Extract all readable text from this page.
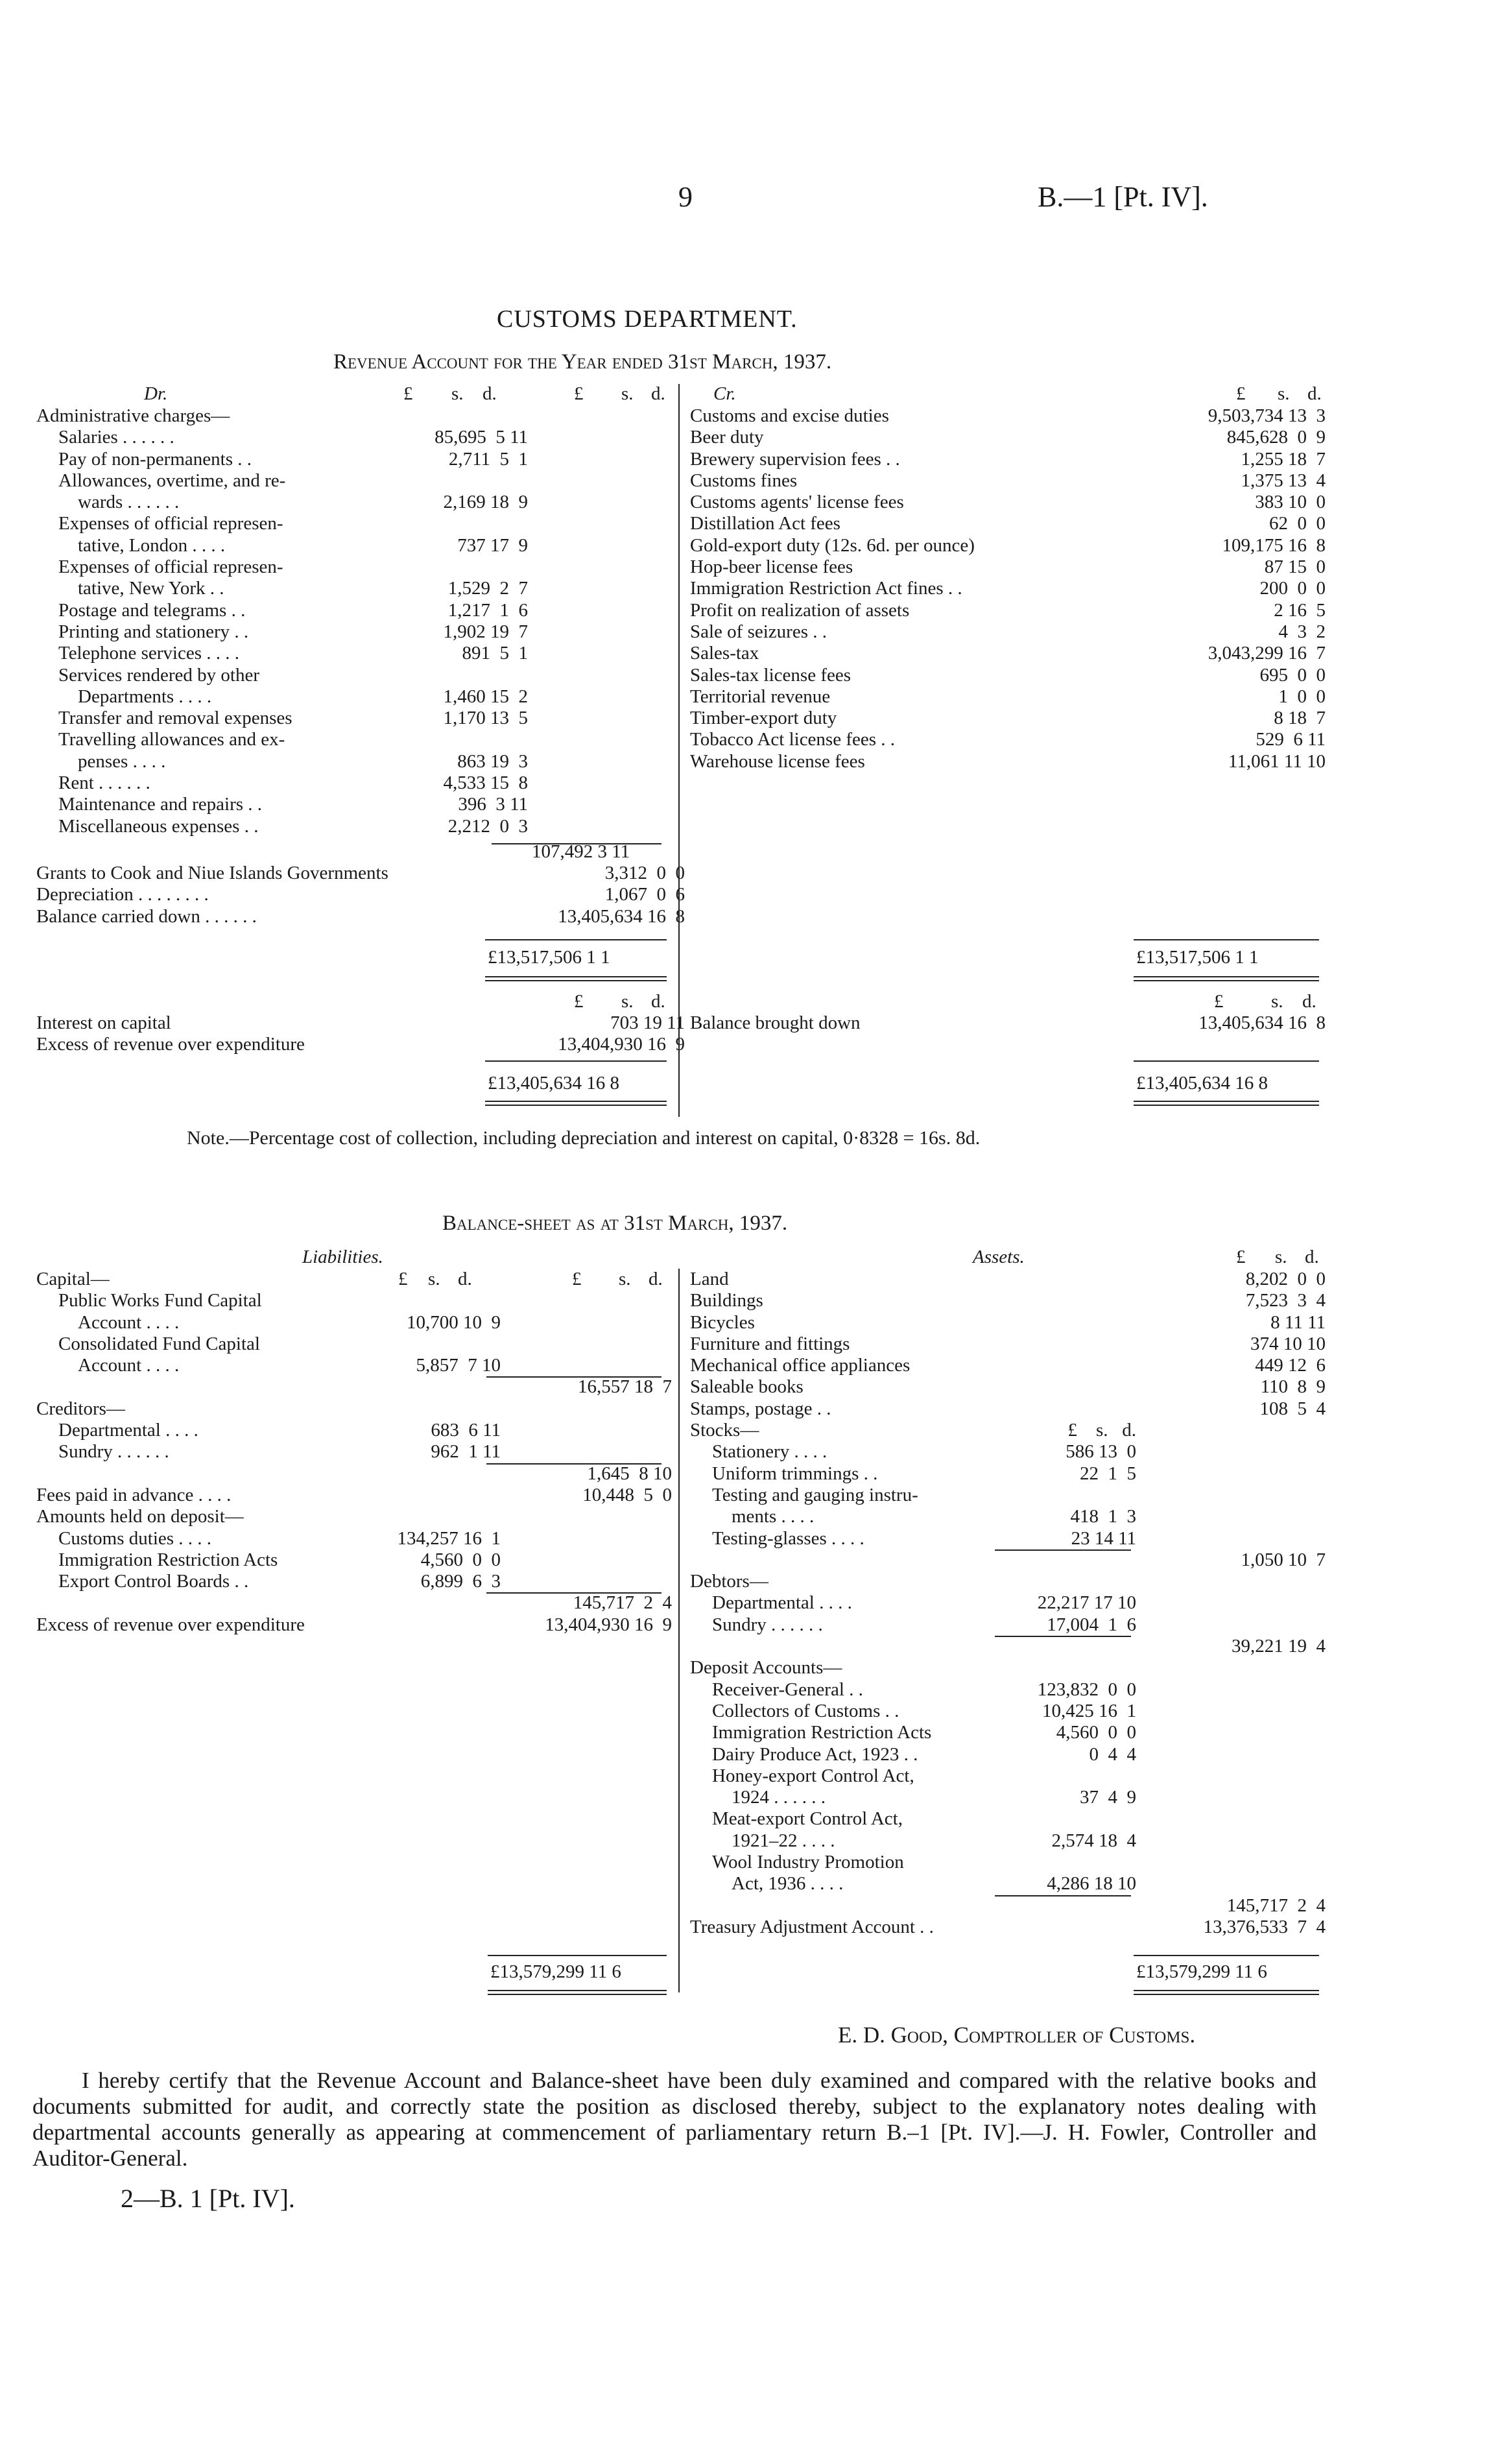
9	B.—1 [Pt. IV].
CUSTOMS DEPARTMENT.
Revenue Account for the Year ended 31st March, 1937.
Dr.	£ s. d.	£ s. d.
Administrative charges—
Salaries . . . . . .	85,695  5 11
Pay of non-permanents . .	2,711  5  1
Allowances, overtime, and re-
wards . . . . . .	2,169 18  9
Expenses of official represen-
tative, London . . . .	737 17  9
Expenses of official represen-
tative, New York . .	1,529  2  7
Postage and telegrams . .	1,217  1  6
Printing and stationery . .	1,902 19  7
Telephone services . . . .	891  5  1
Services rendered by other
Departments . . . .	1,460 15  2
Transfer and removal expenses	1,170 13  5
Travelling allowances and ex-
penses . . . .	863 19  3
Rent . . . . . .	4,533 15  8
Maintenance and repairs . .	396  3 11
Miscellaneous expenses . .	2,212  0  3
107,492 3 11
Grants to Cook and Niue Islands Governments	3,312  0  0
Depreciation . . . . . . . .	1,067  0  6
Balance carried down . . . . . .	13,405,634 16  8
£13,517,506 1 1
£ s. d.
Interest on capital	703 19 11
Excess of revenue over expenditure	13,404,930 16  9
£13,405,634 16 8
Cr.	£ s. d.
Customs and excise duties	9,503,734 13  3
Beer duty	845,628  0  9
Brewery supervision fees . .	1,255 18  7
Customs fines	1,375 13  4
Customs agents' license fees	383 10  0
Distillation Act fees	62  0  0
Gold-export duty (12s. 6d. per ounce)	109,175 16  8
Hop-beer license fees	87 15  0
Immigration Restriction Act fines . .	200  0  0
Profit on realization of assets	2 16  5
Sale of seizures . .	4  3  2
Sales-tax	3,043,299 16  7
Sales-tax license fees	695  0  0
Territorial revenue	1  0  0
Timber-export duty	8 18  7
Tobacco Act license fees . .	529  6 11
Warehouse license fees	11,061 11 10
£13,517,506 1 1
£	s. d.
Balance brought down	13,405,634 16  8
£13,405,634 16 8
Note.—Percentage cost of collection, including depreciation and interest on capital, 0·8328 = 16s. 8d.
Balance-sheet as at 31st March, 1937.
Liabilities.	Assets.
£ s. d.	£ s. d.
£ s. d.
Capital—
Public Works Fund Capital
Account . . . .	10,700 10  9
Consolidated Fund Capital
Account . . . .	5,857  7 10
16,557 18  7
Creditors—
Departmental . . . .	683  6 11
Sundry . . . . . .	962  1 11
1,645  8 10
Fees paid in advance . . . .	10,448  5  0
Amounts held on deposit—
Customs duties . . . .	134,257 16  1
Immigration Restriction Acts	4,560  0  0
Export Control Boards . .	6,899  6  3
145,717  2  4
Excess of revenue over expenditure	13,404,930 16  9
Land	8,202  0  0
Buildings	7,523  3  4
Bicycles	8 11 11
Furniture and fittings	374 10 10
Mechanical office appliances	449 12  6
Saleable books	110  8  9
Stamps, postage . .	108  5  4
Stocks—	£    s.   d.
Stationery . . . .	586 13  0
Uniform trimmings . .	22  1  5
Testing and gauging instru-
ments . . . .	418  1  3
Testing-glasses . . . .	23 14 11
1,050 10  7
Debtors—
Departmental . . . .	22,217 17 10
Sundry . . . . . .	17,004  1  6
39,221 19  4
Deposit Accounts—
Receiver-General . .	123,832  0  0
Collectors of Customs . .	10,425 16  1
Immigration Restriction Acts	4,560  0  0
Dairy Produce Act, 1923 . .	0  4  4
Honey-export Control Act,
1924 . . . . . .	37  4  9
Meat-export Control Act,
1921–22 . . . .	2,574 18  4
Wool Industry Promotion
Act, 1936 . . . .	4,286 18 10
145,717  2  4
Treasury Adjustment Account . .	13,376,533  7  4
£13,579,299 11 6	£13,579,299 11 6
E. D. Good, Comptroller of Customs.
I hereby certify that the Revenue Account and Balance-sheet have been duly examined and compared with the relative books and documents submitted for audit, and correctly state the position as disclosed thereby, subject to the explanatory notes dealing with departmental accounts generally as appearing at commencement of parliamentary return B.–1 [Pt. IV].—J. H. Fowler, Controller and Auditor-General.
2—B. 1 [Pt. IV].
